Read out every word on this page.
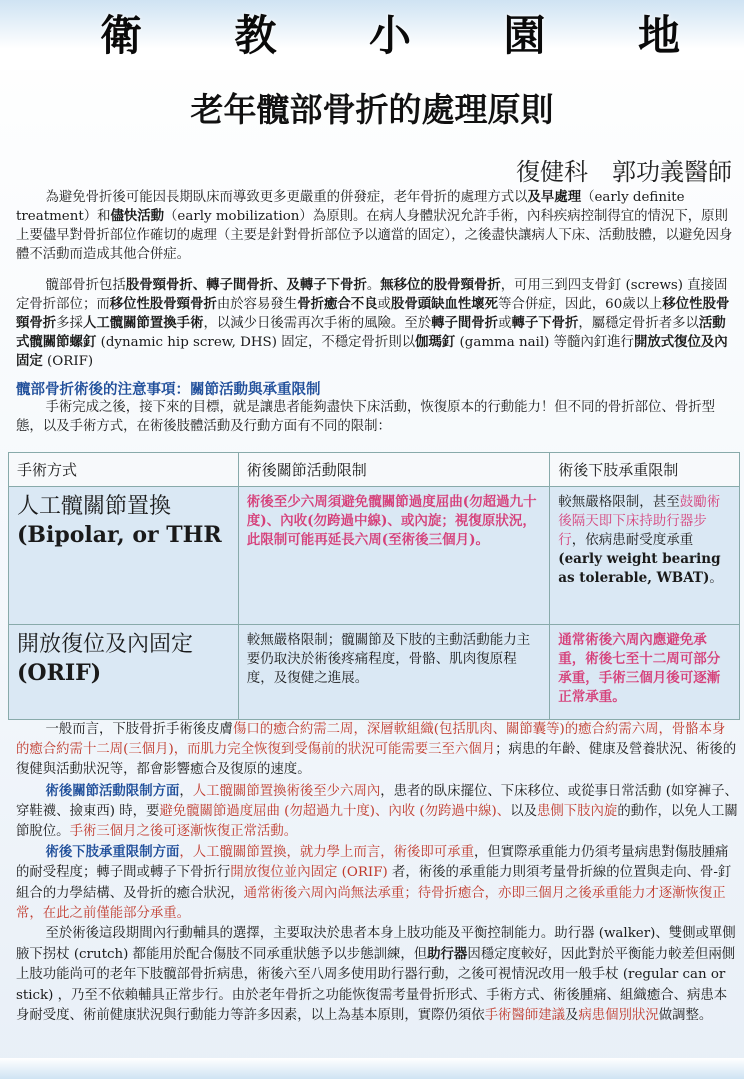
衛 教 小 園 地
老年髖部骨折的處理原則
復健科　郭功義醫師

為避免骨折後可能因長期臥床而導致更多更嚴重的併發症，老年骨折的處理方式以及早處理（early definite treatment）和儘快活動（early mobilization）為原則。在病人身體狀況允許手術，內科疾病控制得宜的情況下，原則上要儘早對骨折部位作確切的處理（主要是針對骨折部位予以適當的固定），之後盡快讓病人下床、活動肢體，以避免因身體不活動而造成其他合併症。

髖部骨折包括股骨頸骨折、轉子間骨折、及轉子下骨折。無移位的股骨頸骨折，可用三到四支骨釘 (screws) 直接固定骨折部位；而移位性股骨頸骨折由於容易發生骨折癒合不良或股骨頭缺血性壞死等合併症，因此，60歲以上移位性股骨頸骨折多採人工髖關節置換手術，以減少日後需再次手術的風險。至於轉子間骨折或轉子下骨折，屬穩定骨折者多以活動式髖關節螺釘 (dynamic hip screw, DHS) 固定，不穩定骨折則以伽瑪釘 (gamma nail) 等髓內釘進行開放式復位及內固定 (ORIF)

髖部骨折術後的注意事項：關節活動與承重限制

手術完成之後，接下來的目標，就是讓患者能夠盡快下床活動，恢復原本的行動能力！但不同的骨折部位、骨折型態，以及手術方式，在術後肢體活動及行動方面有不同的限制：

手術方式	術後關節活動限制	術後下肢承重限制

人工髖關節置換
(Bipolar, or THR	術後至少六周須避免髖關節過度屈曲(勿超過九十度)、內收(勿跨過中線)、或內旋；視復原狀況，此限制可能再延長六周(至術後三個月)。	較無嚴格限制，甚至鼓勵術後隔天即下床持助行器步行，依病患耐受度承重(early weight bearing as tolerable, WBAT)。

開放復位及內固定
(ORIF)	較無嚴格限制；髖關節及下肢的主動活動能力主要仍取決於術後疼痛程度，骨骼、肌肉復原程度，及復健之進展。	通常術後六周內應避免承重，術後七至十二周可部分承重，手術三個月後可逐漸正常承重。

一般而言，下肢骨折手術後皮膚傷口的癒合約需二周，深層軟組織(包括肌肉、關節囊等)的癒合約需六周，骨骼本身的癒合約需十二周(三個月)，而肌力完全恢復到受傷前的狀況可能需要三至六個月；病患的年齡、健康及營養狀況、術後的復健與活動狀況等，都會影響癒合及復原的速度。

術後關節活動限制方面，人工髖關節置換術後至少六周內，患者的臥床擺位、下床移位、或從事日常活動 (如穿褲子、穿鞋襪、撿東西) 時，要避免髖關節過度屈曲 (勿超過九十度)、內收 (勿跨過中線)、以及患側下肢內旋的動作，以免人工關節脫位。手術三個月之後可逐漸恢復正常活動。

術後下肢承重限制方面，人工髖關節置換，就力學上而言，術後即可承重，但實際承重能力仍須考量病患對傷肢腫痛的耐受程度；轉子間或轉子下骨折行開放復位並內固定 (ORIF) 者，術後的承重能力則須考量骨折線的位置與走向、骨-釘組合的力學結構、及骨折的癒合狀況，通常術後六周內尚無法承重；待骨折癒合，亦即三個月之後承重能力才逐漸恢復正常，在此之前僅能部分承重。

至於術後這段期間內行動輔具的選擇，主要取決於患者本身上肢功能及平衡控制能力。助行器 (walker)、雙側或單側腋下拐杖 (crutch) 都能用於配合傷肢不同承重狀態予以步態訓練，但助行器因穩定度較好，因此對於平衡能力較差但兩側上肢功能尚可的老年下肢髖部骨折病患，術後六至八周多使用助行器行動，之後可視情況改用一般手杖 (regular can or stick) ，乃至不依賴輔具正常步行。由於老年骨折之功能恢復需考量骨折形式、手術方式、術後腫痛、組織癒合、病患本身耐受度、術前健康狀況與行動能力等許多因素，以上為基本原則，實際仍須依手術醫師建議及病患個別狀況做調整。
